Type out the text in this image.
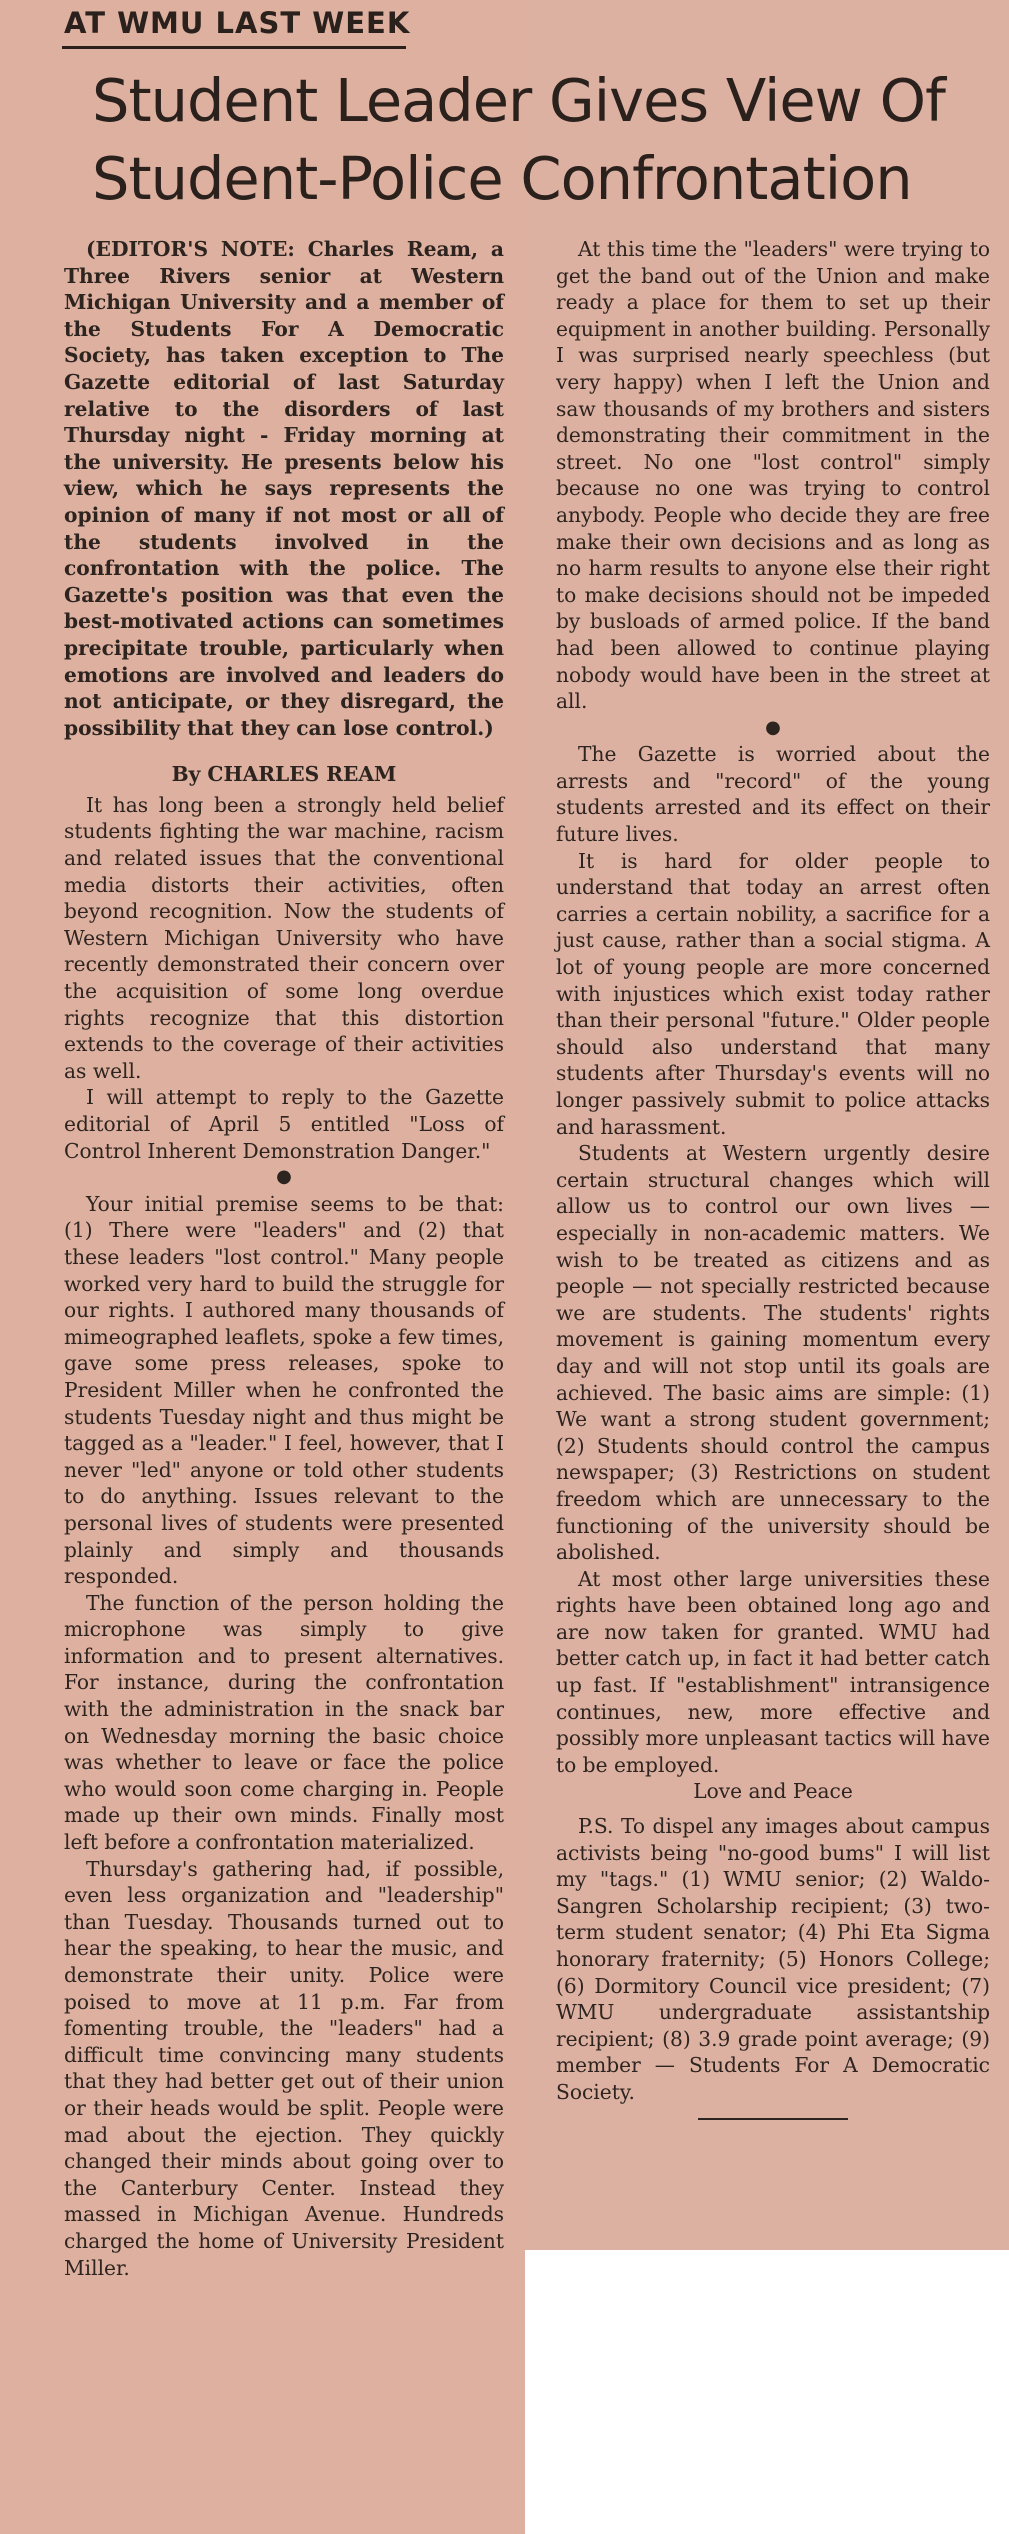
AT WMU LAST WEEK
Student Leader Gives View Of Student-Police Confrontation

(EDITOR'S NOTE: Charles Ream, a Three Rivers senior at Western Michigan University and a member of the Students For A Democratic Society, has taken exception to The Gazette editorial of last Saturday relative to the disorders of last Thursday night - Friday morning at the university. He presents below his view, which he says represents the opinion of many if not most or all of the students involved in the confrontation with the police. The Gazette's position was that even the best-motivated actions can sometimes precipitate trouble, particularly when emotions are involved and leaders do not anticipate, or they disregard, the possibility that they can lose control.)

By CHARLES REAM

It has long been a strongly held belief students fighting the war machine, racism and related issues that the conventional media distorts their activities, often beyond recognition. Now the students of Western Michigan University who have recently demonstrated their concern over the acquisition of some long overdue rights recognize that this distortion extends to the coverage of their activities as well.

I will attempt to reply to the Gazette editorial of April 5 entitled "Loss of Control Inherent Demonstration Danger."

●

Your initial premise seems to be that: (1) There were "leaders" and (2) that these leaders "lost control." Many people worked very hard to build the struggle for our rights. I authored many thousands of mimeographed leaflets, spoke a few times, gave some press releases, spoke to President Miller when he confronted the students Tuesday night and thus might be tagged as a "leader." I feel, however, that I never "led" anyone or told other students to do anything. Issues relevant to the personal lives of students were presented plainly and simply and thousands responded.

The function of the person holding the microphone was simply to give information and to present alternatives. For instance, during the confrontation with the administration in the snack bar on Wednesday morning the basic choice was whether to leave or face the police who would soon come charging in. People made up their own minds. Finally most left before a confrontation materialized.

Thursday's gathering had, if possible, even less organization and "leadership" than Tuesday. Thousands turned out to hear the speaking, to hear the music, and demonstrate their unity. Police were poised to move at 11 p.m. Far from fomenting trouble, the "leaders" had a difficult time convincing many students that they had better get out of their union or their heads would be split. People were mad about the ejection. They quickly changed their minds about going over to the Canterbury Center. Instead they massed in Michigan Avenue. Hundreds charged the home of University President Miller.

At this time the "leaders" were trying to get the band out of the Union and make ready a place for them to set up their equipment in another building. Personally I was surprised nearly speechless (but very happy) when I left the Union and saw thousands of my brothers and sisters demonstrating their commitment in the street. No one "lost control" simply because no one was trying to control anybody. People who decide they are free make their own decisions and as long as no harm results to anyone else their right to make decisions should not be impeded by busloads of armed police. If the band had been allowed to continue playing nobody would have been in the street at all.

●

The Gazette is worried about the arrests and "record" of the young students arrested and its effect on their future lives.

It is hard for older people to understand that today an arrest often carries a certain nobility, a sacrifice for a just cause, rather than a social stigma. A lot of young people are more concerned with injustices which exist today rather than their personal "future." Older people should also understand that many students after Thursday's events will no longer passively submit to police attacks and harassment.

Students at Western urgently desire certain structural changes which will allow us to control our own lives — especially in non-academic matters. We wish to be treated as citizens and as people — not specially restricted because we are students. The students' rights movement is gaining momentum every day and will not stop until its goals are achieved. The basic aims are simple: (1) We want a strong student government; (2) Students should control the campus newspaper; (3) Restrictions on student freedom which are unnecessary to the functioning of the university should be abolished.

At most other large universities these rights have been obtained long ago and are now taken for granted. WMU had better catch up, in fact it had better catch up fast. If "establishment" intransigence continues, new, more effective and possibly more unpleasant tactics will have to be employed.

Love and Peace

P.S. To dispel any images about campus activists being "no-good bums" I will list my "tags." (1) WMU senior; (2) Waldo-Sangren Scholarship recipient; (3) two-term student senator; (4) Phi Eta Sigma honorary fraternity; (5) Honors College; (6) Dormitory Council vice president; (7) WMU undergraduate assistantship recipient; (8) 3.9 grade point average; (9) member — Students For A Democratic Society.
